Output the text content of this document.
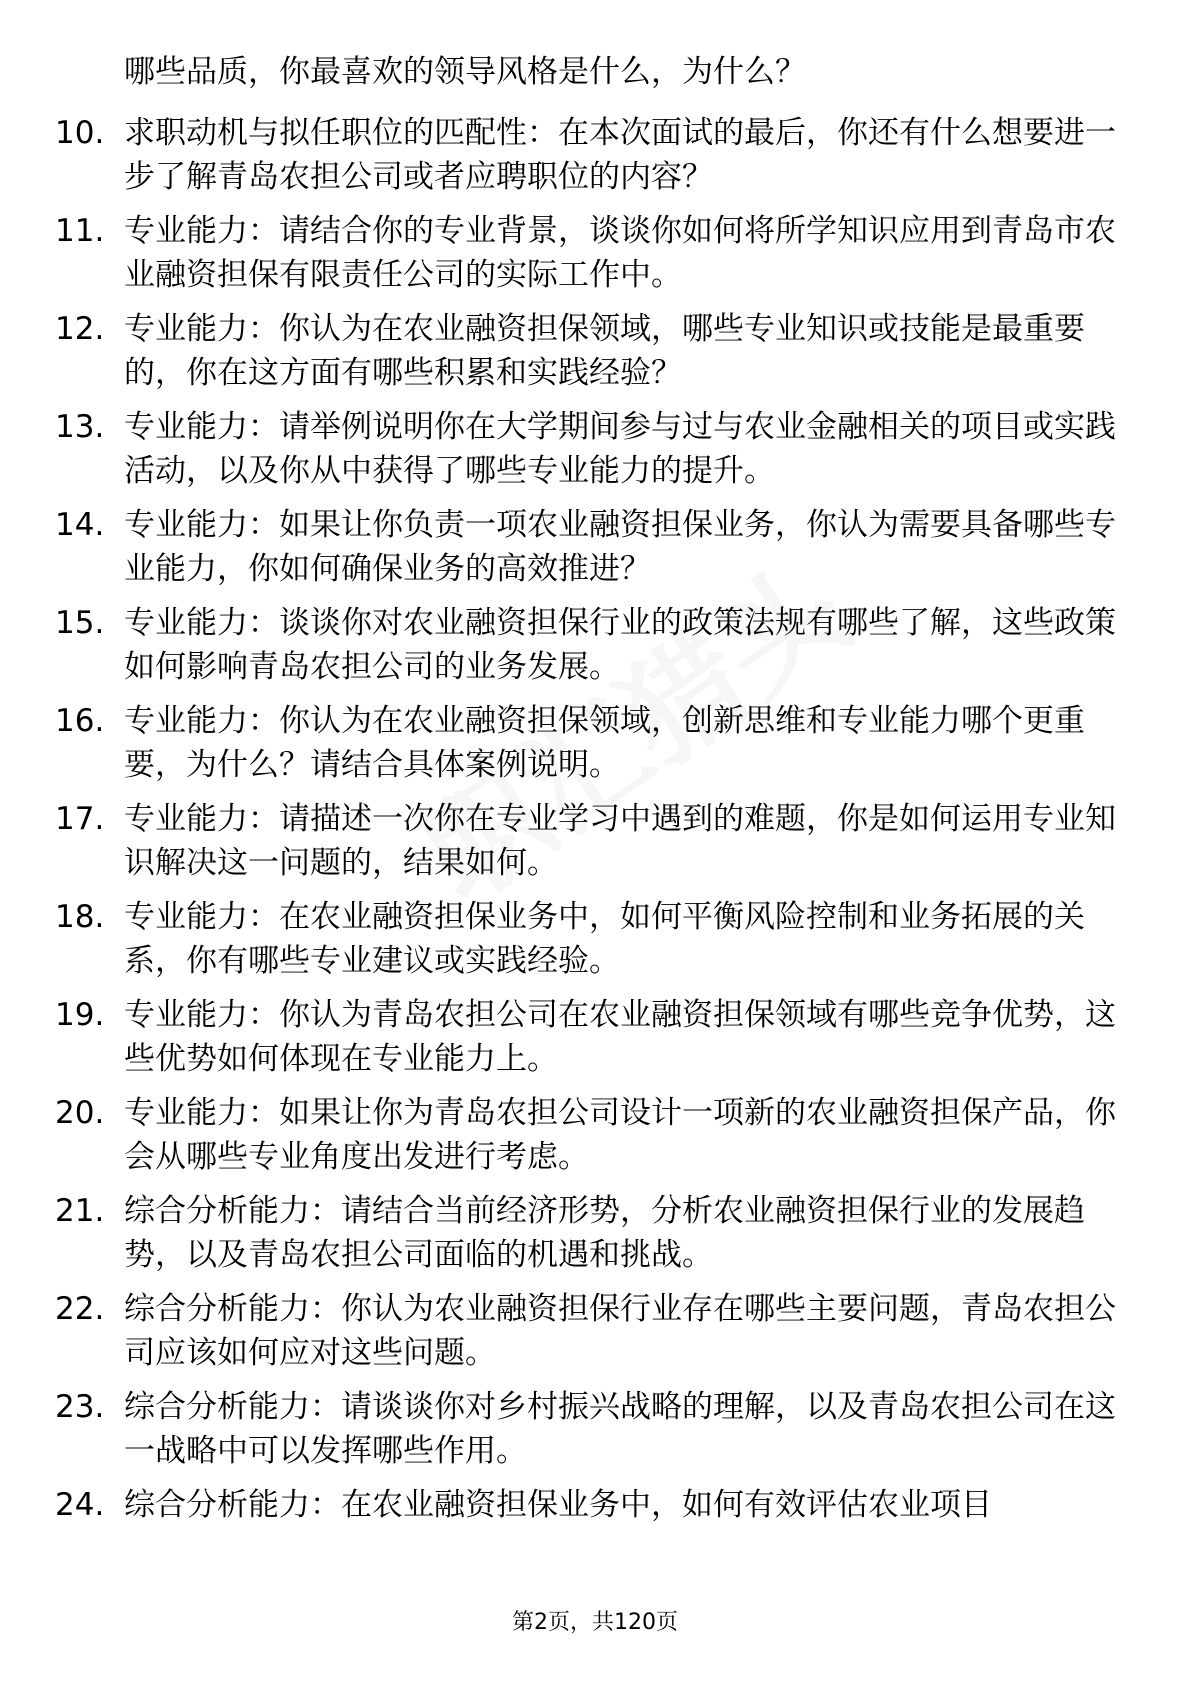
哪些品质，你最喜欢的领导风格是什么，为什么？
10. 求职动机与拟任职位的匹配性：在本次面试的最后，你还有什么想要进一步了解青岛农担公司或者应聘职位的内容？
11. 专业能力：请结合你的专业背景，谈谈你如何将所学知识应用到青岛市农业融资担保有限责任公司的实际工作中。
12. 专业能力：你认为在农业融资担保领域，哪些专业知识或技能是最重要的，你在这方面有哪些积累和实践经验？
13. 专业能力：请举例说明你在大学期间参与过与农业金融相关的项目或实践活动，以及你从中获得了哪些专业能力的提升。
14. 专业能力：如果让你负责一项农业融资担保业务，你认为需要具备哪些专业能力，你如何确保业务的高效推进？
15. 专业能力：谈谈你对农业融资担保行业的政策法规有哪些了解，这些政策如何影响青岛农担公司的业务发展。
16. 专业能力：你认为在农业融资担保领域，创新思维和专业能力哪个更重要，为什么？请结合具体案例说明。
17. 专业能力：请描述一次你在专业学习中遇到的难题，你是如何运用专业知识解决这一问题的，结果如何。
18. 专业能力：在农业融资担保业务中，如何平衡风险控制和业务拓展的关系，你有哪些专业建议或实践经验。
19. 专业能力：你认为青岛农担公司在农业融资担保领域有哪些竞争优势，这些优势如何体现在专业能力上。
20. 专业能力：如果让你为青岛农担公司设计一项新的农业融资担保产品，你会从哪些专业角度出发进行考虑。
21. 综合分析能力：请结合当前经济形势，分析农业融资担保行业的发展趋势，以及青岛农担公司面临的机遇和挑战。
22. 综合分析能力：你认为农业融资担保行业存在哪些主要问题，青岛农担公司应该如何应对这些问题。
23. 综合分析能力：请谈谈你对乡村振兴战略的理解，以及青岛农担公司在这一战略中可以发挥哪些作用。
24. 综合分析能力：在农业融资担保业务中，如何有效评估农业项目
第2页，共120页
